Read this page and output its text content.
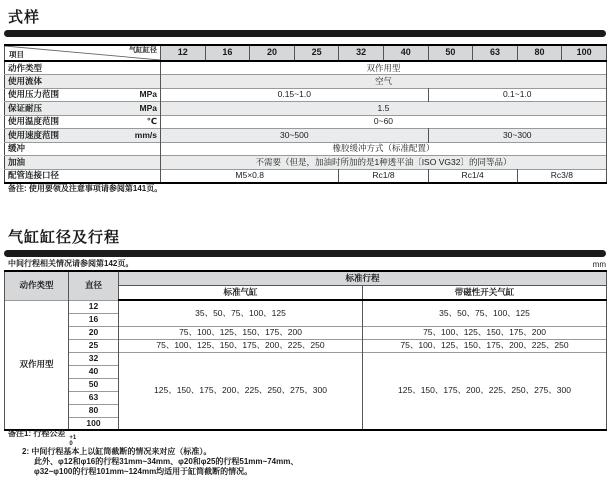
式样
气缸缸径
项目	12	16	20	25	32	40	50	63	80	100
动作类型	双作用型									
使用流体	空气									
使用压力范围 MPa	0.15~1.0						0.1~1.0			
保证耐压 MPa	1.5									
使用温度范围 ℃	0~60									
使用速度范围 mm/s	30~500						30~300			
缓冲	橡胶缓冲方式（标准配置）									
加油	不需要（但是，加油时所加的是1种透平油〔ISO VG32〕的同等品）									
配管连接口径	M5×0.8				Rc1/8		Rc1/4		Rc3/8	
备注: 使用要领及注意事项请参阅第141页。
气缸缸径及行程
中间行程相关情况请参阅第142页。	mm
动作类型	直径	标准行程	
		标准气缸	带磁性开关气缸
双作用型	12	35、50、75、100、125	35、50、75、100、125
	16		
	20	75、100、125、150、175、200	75、100、125、150、175、200
	25	75、100、125、150、175、200、225、250	75、100、125、150、175、200、225、250
	32	125、150、175、200、225、250、275、300	125、150、175、200、225、250、275、300
	40		
	50		
	63		
	80		
	100		
备注1: 行程公差 +1
0
2: 中间行程基本上以缸筒截断的情况来对应（标准）。
此外、φ12和φ16的行程31mm~34mm、φ20和φ25的行程51mm~74mm、
φ32~φ100的行程101mm~124mm均适用于缸筒截断的情况。
